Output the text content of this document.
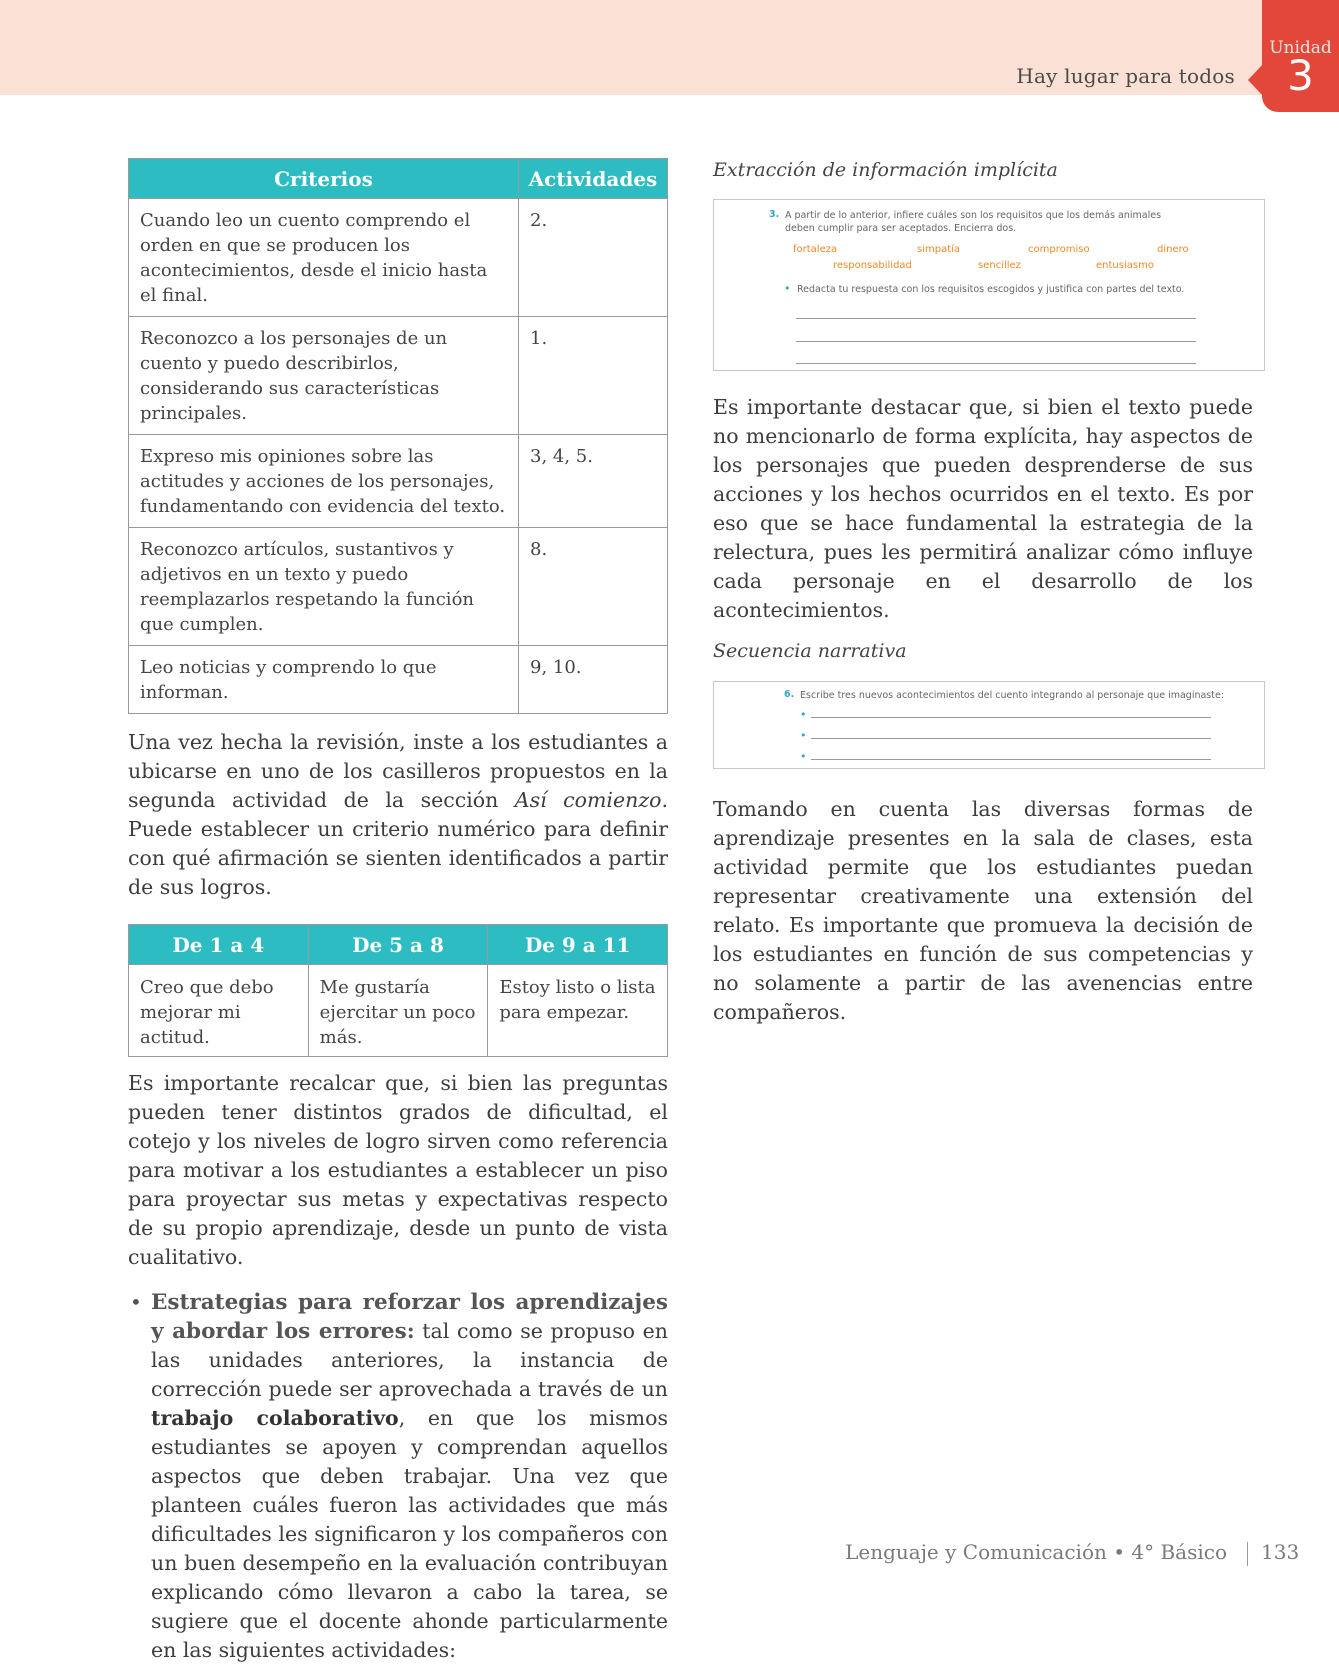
Hay lugar para todos
Unidad
3
Criterios	Actividades
Cuando leo un cuento comprendo el orden en que se producen los acontecimientos, desde el inicio hasta el final.	2.
Reconozco a los personajes de un cuento y puedo describirlos, considerando sus características principales.	1.
Expreso mis opiniones sobre las actitudes y acciones de los personajes, fundamentando con evidencia del texto.	3, 4, 5.
Reconozco artículos, sustantivos y adjetivos en un texto y puedo reemplazarlos respetando la función que cumplen.	8.
Leo noticias y comprendo lo que informan.	9, 10.

Una vez hecha la revisión, inste a los estudiantes a ubicarse en uno de los casilleros propuestos en la segunda actividad de la sección Así comienzo. Puede establecer un criterio numérico para definir con qué afirmación se sienten identificados a partir de sus logros.

De 1 a 4	De 5 a 8	De 9 a 11
Creo que debo mejorar mi actitud.	Me gustaría ejercitar un poco más.	Estoy listo o lista para empezar.

Es importante recalcar que, si bien las preguntas pueden tener distintos grados de dificultad, el cotejo y los niveles de logro sirven como referencia para motivar a los estudiantes a establecer un piso para proyectar sus metas y expectativas respecto de su propio aprendizaje, desde un punto de vista cualitativo.

• Estrategias para reforzar los aprendizajes y abordar los errores: tal como se propuso en las unidades anteriores, la instancia de corrección puede ser aprovechada a través de un trabajo colaborativo, en que los mismos estudiantes se apoyen y comprendan aquellos aspectos que deben trabajar. Una vez que planteen cuáles fueron las actividades que más dificultades les significaron y los compañeros con un buen desempeño en la evaluación contribuyan explicando cómo llevaron a cabo la tarea, se sugiere que el docente ahonde particularmente en las siguientes actividades:

Extracción de información implícita
3. A partir de lo anterior, infiere cuáles son los requisitos que los demás animales
deben cumplir para ser aceptados. Encierra dos.
fortaleza	simpatía	compromiso	dinero
responsabilidad	sencillez	entusiasmo
• Redacta tu respuesta con los requisitos escogidos y justifica con partes del texto.

Es importante destacar que, si bien el texto puede no mencionarlo de forma explícita, hay aspectos de los personajes que pueden desprenderse de sus acciones y los hechos ocurridos en el texto. Es por eso que se hace fundamental la estrategia de la relectura, pues les permitirá analizar cómo influye cada personaje en el desarrollo de los acontecimientos.

Secuencia narrativa
6. Escribe tres nuevos acontecimientos del cuento integrando al personaje que imaginaste:
•
•
•

Tomando en cuenta las diversas formas de aprendizaje presentes en la sala de clases, esta actividad permite que los estudiantes puedan representar creativamente una extensión del relato. Es importante que promueva la decisión de los estudiantes en función de sus competencias y no solamente a partir de las avenencias entre compañeros.

Lenguaje y Comunicación • 4° Básico 133
